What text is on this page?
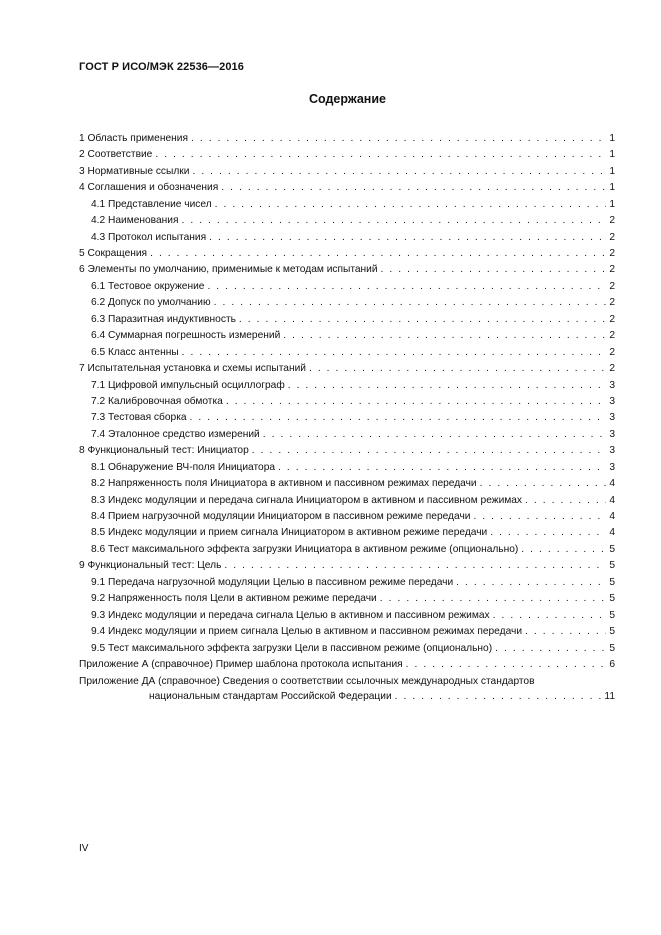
ГОСТ Р ИСО/МЭК 22536—2016
Содержание
1 Область применения . . .	1
2 Соответствие . . .	1
3 Нормативные ссылки . . .	1
4 Соглашения и обозначения . . .	1
4.1 Представление чисел . . .	1
4.2 Наименования . . .	2
4.3 Протокол испытания . . .	2
5 Сокращения . . .	2
6 Элементы по умолчанию, применимые к методам испытаний . . .	2
6.1 Тестовое окружение . . .	2
6.2 Допуск по умолчанию . . .	2
6.3 Паразитная индуктивность . . .	2
6.4 Суммарная погрешность измерений . . .	2
6.5 Класс антенны . . .	2
7 Испытательная установка и схемы испытаний . . .	2
7.1 Цифровой импульсный осциллограф . . .	3
7.2 Калибровочная обмотка . . .	3
7.3 Тестовая сборка . . .	3
7.4 Эталонное средство измерений . . .	3
8 Функциональный тест: Инициатор . . .	3
8.1 Обнаружение ВЧ-поля Инициатора . . .	3
8.2 Напряженность поля Инициатора в активном и пассивном режимах передачи . . .	4
8.3 Индекс модуляции и передача сигнала Инициатором в активном и пассивном режимах . . .	4
8.4 Прием нагрузочной модуляции Инициатором в пассивном режиме передачи . . .	4
8.5 Индекс модуляции и прием сигнала Инициатором в активном режиме передачи . . .	4
8.6 Тест максимального эффекта загрузки Инициатора в активном режиме (опционально) . . .	5
9 Функциональный тест: Цель . . .	5
9.1 Передача нагрузочной модуляции Целью в пассивном режиме передачи . . .	5
9.2 Напряженность поля Цели в активном режиме передачи . . .	5
9.3 Индекс модуляции и передача сигнала Целью в активном и пассивном режимах . . .	5
9.4 Индекс модуляции и прием сигнала Целью в активном и пассивном режимах передачи . . .	5
9.5 Тест максимального эффекта загрузки Цели в пассивном режиме (опционально) . . .	5
Приложение А (справочное) Пример шаблона протокола испытания . . .	6
Приложение ДА (справочное) Сведения о соответствии ссылочных международных стандартов
национальным стандартам Российской Федерации . . .	11
IV
